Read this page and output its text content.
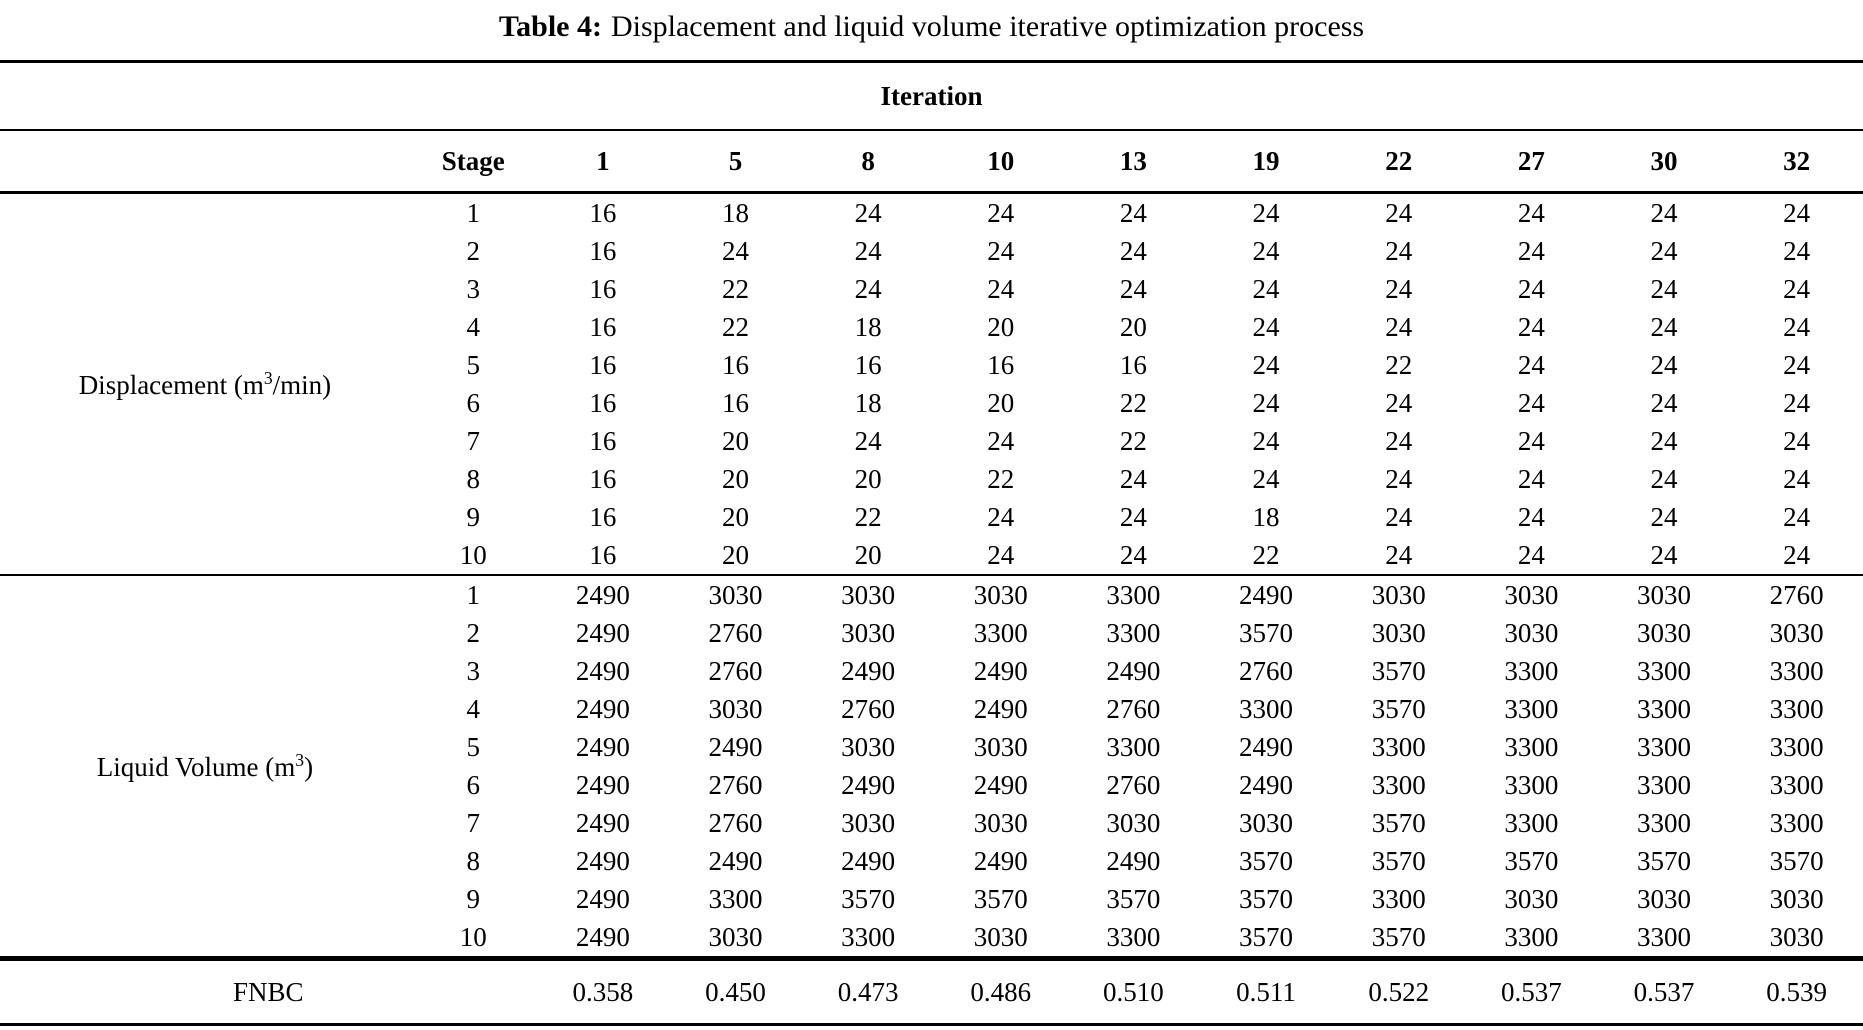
Table 4: Displacement and liquid volume iterative optimization process
Iteration											
	Stage	1	5	8	10	13	19	22	27	30	32
Displacement $(m^3/\min)$	1	16	18	24	24	24	24	24	24	24	24
	2	16	24	24	24	24	24	24	24	24	24
	3	16	22	24	24	24	24	24	24	24	24
	4	16	22	18	20	20	24	24	24	24	24
	5	16	16	16	16	16	24	22	24	24	24
	6	16	16	18	20	22	24	24	24	24	24
	7	16	20	24	24	22	24	24	24	24	24
	8	16	20	20	22	24	24	24	24	24	24
	9	16	20	22	24	24	18	24	24	24	24
	10	16	20	20	24	24	22	24	24	24	24
Liquid Volume $(m^3)$	1	2490	3030	3030	3030	3300	2490	3030	3030	3030	2760
	2	2490	2760	3030	3300	3300	3570	3030	3030	3030	3030
	3	2490	2760	2490	2490	2490	2760	3570	3300	3300	3300
	4	2490	3030	2760	2490	2760	3300	3570	3300	3300	3300
	5	2490	2490	3030	3030	3300	2490	3300	3300	3300	3300
	6	2490	2760	2490	2490	2760	2490	3300	3300	3300	3300
	7	2490	2760	3030	3030	3030	3030	3570	3300	3300	3300
	8	2490	2490	2490	2490	2490	3570	3570	3570	3570	3570
	9	2490	3300	3570	3570	3570	3570	3300	3030	3030	3030
	10	2490	3030	3300	3030	3300	3570	3570	3300	3300	3030
FNBC		0.358	0.450	0.473	0.486	0.510	0.511	0.522	0.537	0.537	0.539
